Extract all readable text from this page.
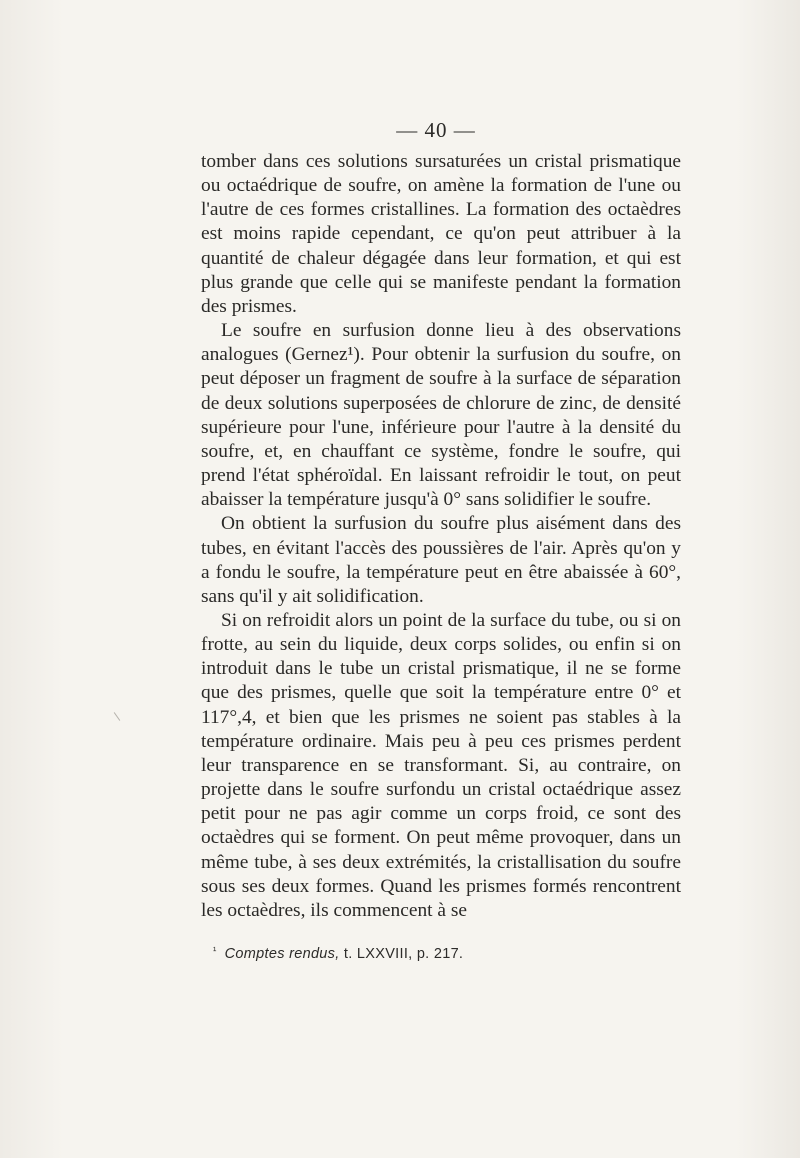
— 40 —

tomber dans ces solutions sursaturées un cristal prismatique ou octaédrique de soufre, on amène la formation de l'une ou l'autre de ces formes cristallines. La formation des octaèdres est moins rapide cependant, ce qu'on peut attribuer à la quantité de chaleur dégagée dans leur formation, et qui est plus grande que celle qui se manifeste pendant la formation des prismes.

Le soufre en surfusion donne lieu à des observations analogues (Gernez¹). Pour obtenir la surfusion du soufre, on peut déposer un fragment de soufre à la surface de séparation de deux solutions superposées de chlorure de zinc, de densité supérieure pour l'une, inférieure pour l'autre à la densité du soufre, et, en chauffant ce système, fondre le soufre, qui prend l'état sphéroïdal. En laissant refroidir le tout, on peut abaisser la température jusqu'à 0° sans solidifier le soufre.

On obtient la surfusion du soufre plus aisément dans des tubes, en évitant l'accès des poussières de l'air. Après qu'on y a fondu le soufre, la température peut en être abaissée à 60°, sans qu'il y ait solidification.

Si on refroidit alors un point de la surface du tube, ou si on frotte, au sein du liquide, deux corps solides, ou enfin si on introduit dans le tube un cristal prismatique, il ne se forme que des prismes, quelle que soit la température entre 0° et 117°,4, et bien que les prismes ne soient pas stables à la température ordinaire. Mais peu à peu ces prismes perdent leur transparence en se transformant. Si, au contraire, on projette dans le soufre surfondu un cristal octaédrique assez petit pour ne pas agir comme un corps froid, ce sont des octaèdres qui se forment. On peut même provoquer, dans un même tube, à ses deux extrémités, la cristallisation du soufre sous ses deux formes. Quand les prismes formés rencontrent les octaèdres, ils commencent à se

$^{^1}$ Comptes rendus, t. LXXVIII, p. 217.
